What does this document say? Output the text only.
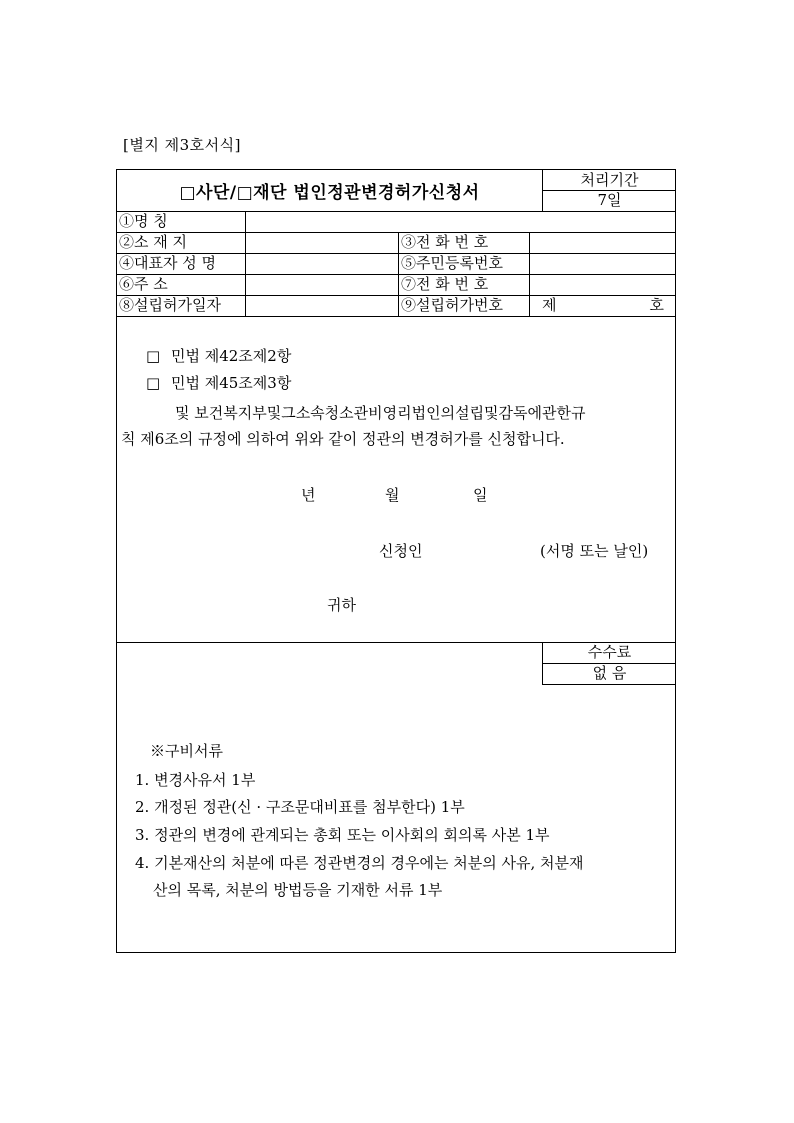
[별지 제3호서식]
□사단/□재단 법인정관변경허가신청서
처리기간
7일
①명 칭
②소 재 지	③전 화 번 호
④대표자 성 명	⑤주민등록번호
⑥주 소	⑦전 화 번 호
⑧설립허가일자	⑨설립허가번호	제	호
□ 민법 제42조제2항
□ 민법 제45조제3항
및 보건복지부및그소속청소관비영리법인의설립및감독에관한규
칙 제6조의 규정에 의하여 위와 같이 정관의 변경허가를 신청합니다.
년	월	일
신청인	(서명 또는 날인)
귀하
수수료
없 음
※구비서류
1. 변경사유서 1부
2. 개정된 정관(신 · 구조문대비표를 첨부한다) 1부
3. 정관의 변경에 관계되는 총회 또는 이사회의 회의록 사본 1부
4. 기본재산의 처분에 따른 정관변경의 경우에는 처분의 사유, 처분재
산의 목록, 처분의 방법등을 기재한 서류 1부
